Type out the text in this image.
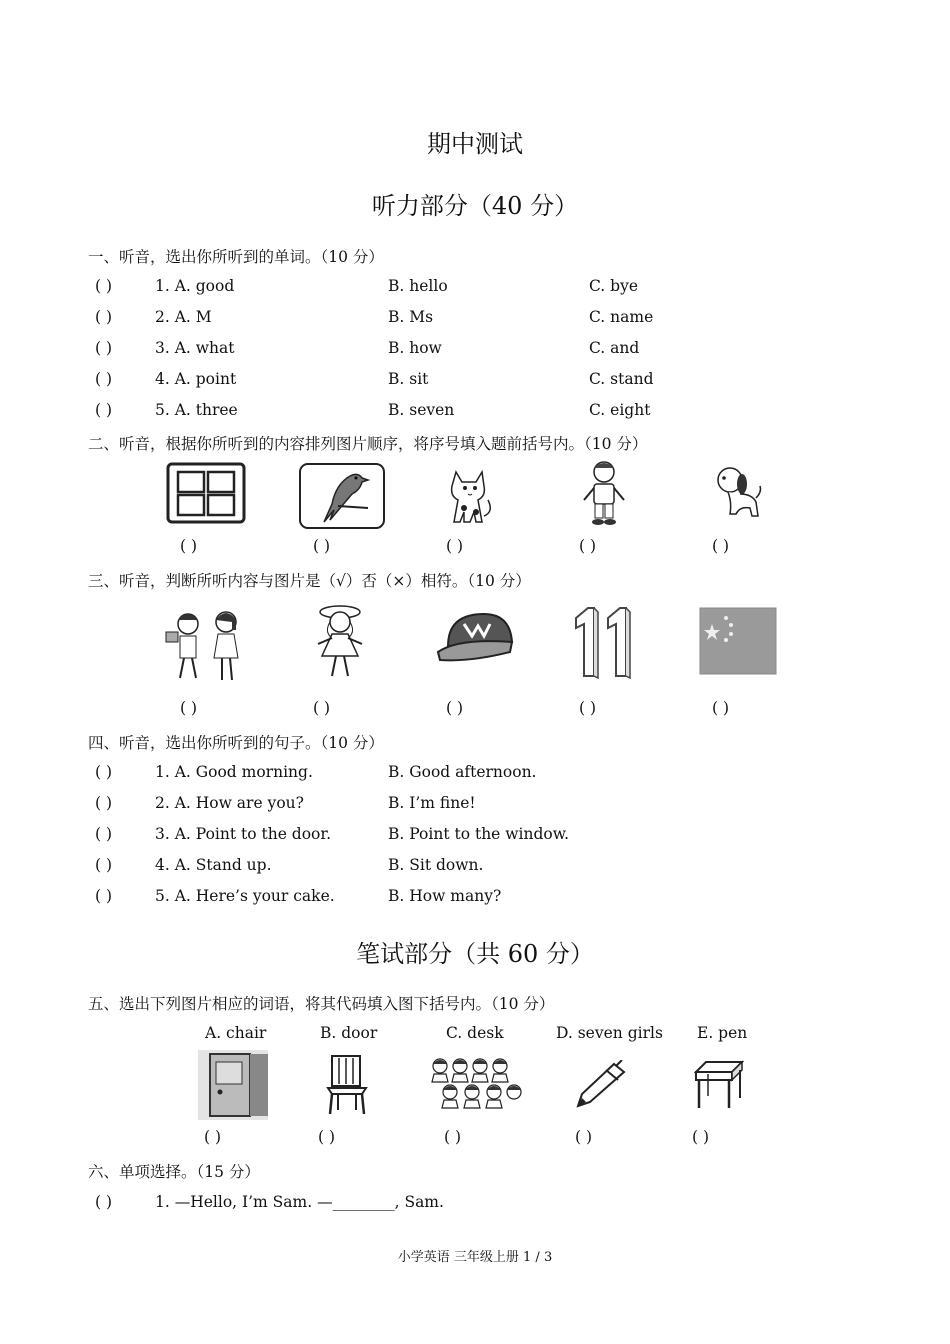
期中测试
听力部分（40 分）
一、听音，选出你所听到的单词。（10 分）
( )	1. A. good	B. hello	C. bye
( )	2. A. M	B. Ms	C. name
( )	3. A. what	B. how	C. and
( )	4. A. point	B. sit	C. stand
( )	5. A. three	B. seven	C. eight
二、听音，根据你所听到的内容排列图片顺序，将序号填入题前括号内。（10 分）
( )	( )	( )	( )	( )
三、听音，判断所听内容与图片是（√）否（×）相符。（10 分）
( )	( )	( )	( )	( )
四、听音，选出你所听到的句子。（10 分）
( )	1. A. Good morning.	B. Good afternoon.
( )	2. A. How are you?	B. I’m fine!
( )	3. A. Point to the door.	B. Point to the window.
( )	4. A. Stand up.	B. Sit down.
( )	5. A. Here’s your cake.	B. How many?
笔试部分（共 60 分）
五、选出下列图片相应的词语，将其代码填入图下括号内。（10 分）
A. chair	B. door	C. desk	D. seven girls E. pen
( )	( )	( )	( )	( )
六、单项选择。（15 分）
( )	1. —Hello, I’m Sam. —________, Sam.
小学英语 三年级上册 1 / 3
